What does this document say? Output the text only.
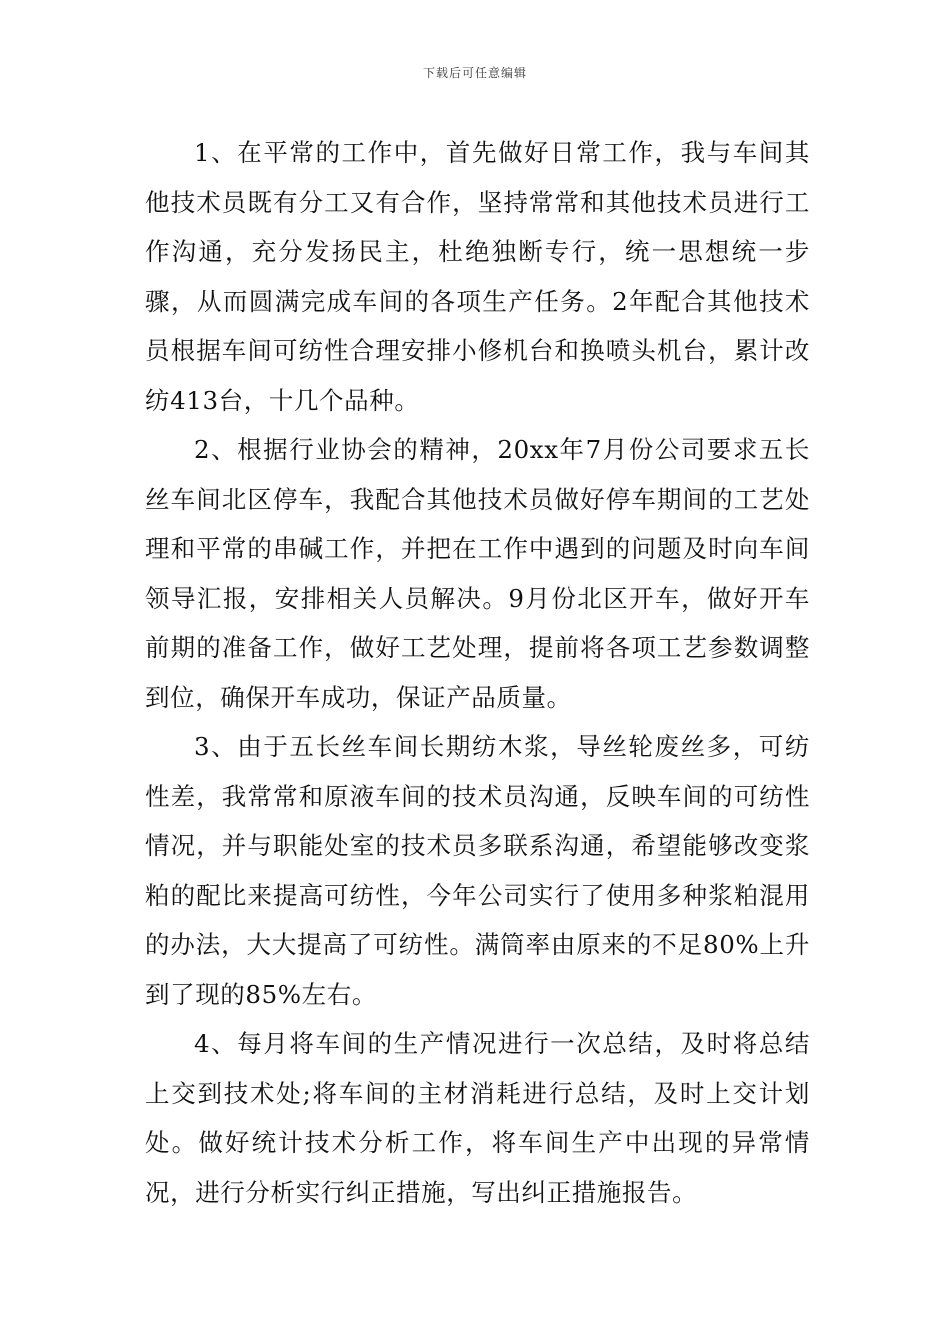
下载后可任意编辑

1、在平常的工作中，首先做好日常工作，我与车间其他技术员既有分工又有合作，坚持常常和其他技术员进行工作沟通，充分发扬民主，杜绝独断专行，统一思想统一步骤，从而圆满完成车间的各项生产任务。2年配合其他技术员根据车间可纺性合理安排小修机台和换喷头机台，累计改纺413台，十几个品种。

2、根据行业协会的精神，20xx年7月份公司要求五长丝车间北区停车，我配合其他技术员做好停车期间的工艺处理和平常的串碱工作，并把在工作中遇到的问题及时向车间领导汇报，安排相关人员解决。9月份北区开车，做好开车前期的准备工作，做好工艺处理，提前将各项工艺参数调整到位，确保开车成功，保证产品质量。

3、由于五长丝车间长期纺木浆，导丝轮废丝多，可纺性差，我常常和原液车间的技术员沟通，反映车间的可纺性情况，并与职能处室的技术员多联系沟通，希望能够改变浆粕的配比来提高可纺性，今年公司实行了使用多种浆粕混用的办法，大大提高了可纺性。满筒率由原来的不足80%上升到了现的85%左右。

4、每月将车间的生产情况进行一次总结，及时将总结上交到技术处;将车间的主材消耗进行总结，及时上交计划处。做好统计技术分析工作，将车间生产中出现的异常情况，进行分析实行纠正措施，写出纠正措施报告。
